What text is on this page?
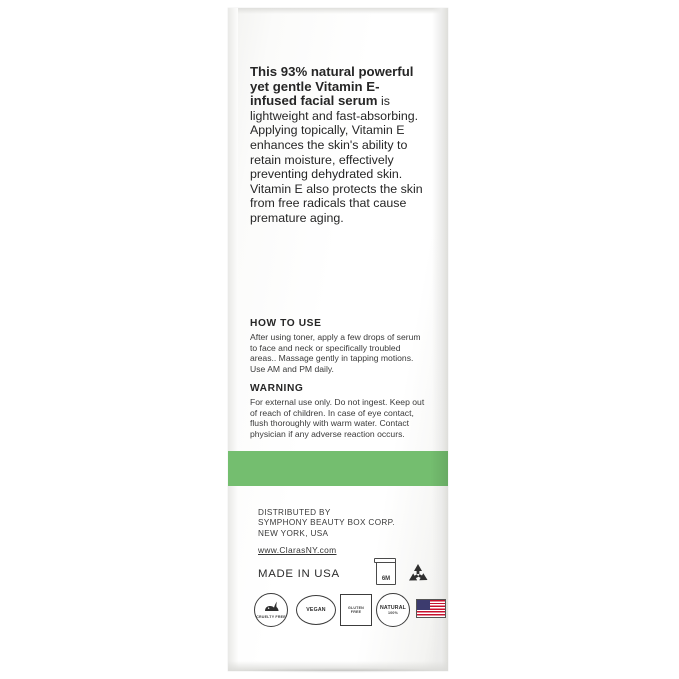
This 93% natural powerful yet gentle Vitamin E-infused facial serum is lightweight and fast-absorbing. Applying topically, Vitamin E enhances the skin's ability to retain moisture, effectively preventing dehydrated skin. Vitamin E also protects the skin from free radicals that cause premature aging.
HOW TO USE
After using toner, apply a few drops of serum to face and neck or specifically troubled areas.. Massage gently in tapping motions. Use AM and PM daily.
WARNING
For external use only. Do not ingest. Keep out of reach of children. In case of eye contact, flush thoroughly with warm water. Contact physician if any adverse reaction occurs.
DISTRIBUTED BY
SYMPHONY BEAUTY BOX CORP.
NEW YORK, USA
www.ClarasNY.com
MADE IN USA	6M
CRUELTY FREE
VEGAN	GLUTEN
FREE
NATURAL
100%
